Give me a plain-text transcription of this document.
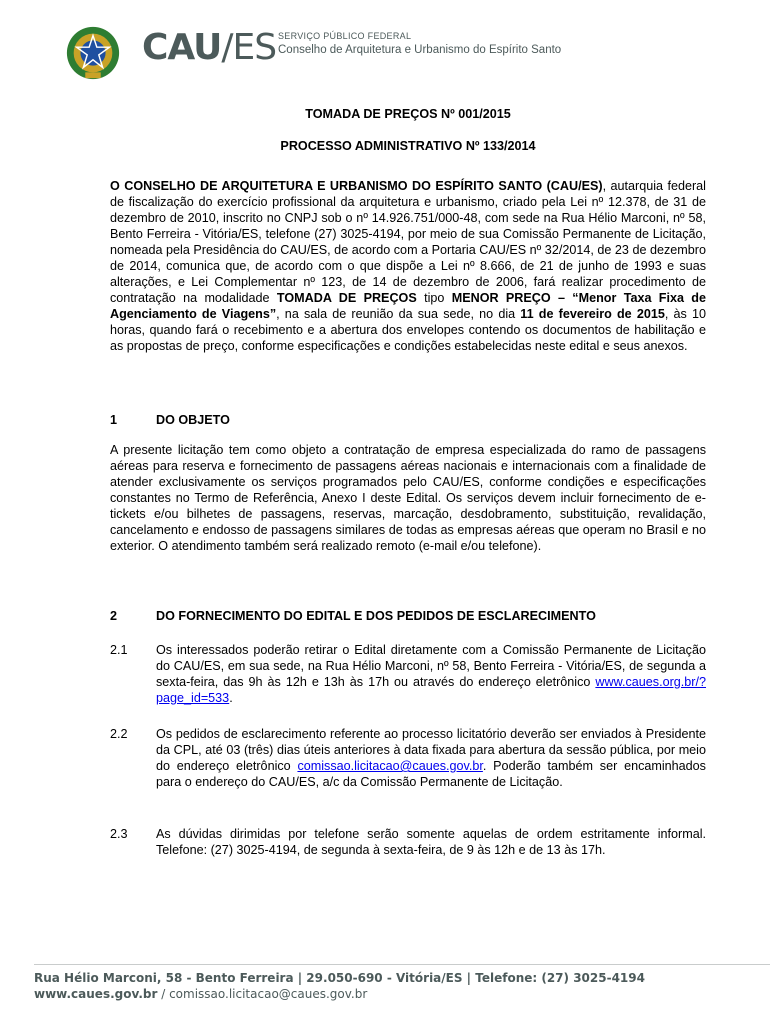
CAU/ES SERVIÇO PÚBLICO FEDERAL
Conselho de Arquitetura e Urbanismo do Espírito Santo
TOMADA DE PREÇOS Nº 001/2015
PROCESSO ADMINISTRATIVO Nº 133/2014

O CONSELHO DE ARQUITETURA E URBANISMO DO ESPÍRITO SANTO (CAU/ES), autarquia federal de fiscalização do exercício profissional da arquitetura e urbanismo, criado pela Lei nº 12.378, de 31 de dezembro de 2010, inscrito no CNPJ sob o nº 14.926.751/000-48, com sede na Rua Hélio Marconi, nº 58, Bento Ferreira - Vitória/ES, telefone (27) 3025-4194, por meio de sua Comissão Permanente de Licitação, nomeada pela Presidência do CAU/ES, de acordo com a Portaria CAU/ES nº 32/2014, de 23 de dezembro de 2014, comunica que, de acordo com o que dispõe a Lei nº 8.666, de 21 de junho de 1993 e suas alterações, e Lei Complementar nº 123, de 14 de dezembro de 2006, fará realizar procedimento de contratação na modalidade TOMADA DE PREÇOS tipo MENOR PREÇO – “Menor Taxa Fixa de Agenciamento de Viagens”, na sala de reunião da sua sede, no dia 11 de fevereiro de 2015, às 10 horas, quando fará o recebimento e a abertura dos envelopes contendo os documentos de habilitação e as propostas de preço, conforme especificações e condições estabelecidas neste edital e seus anexos.

1	DO OBJETO

A presente licitação tem como objeto a contratação de empresa especializada do ramo de passagens aéreas para reserva e fornecimento de passagens aéreas nacionais e internacionais com a finalidade de atender exclusivamente os serviços programados pelo CAU/ES, conforme condições e especificações constantes no Termo de Referência, Anexo I deste Edital. Os serviços devem incluir fornecimento de e-tickets e/ou bilhetes de passagens, reservas, marcação, desdobramento, substituição, revalidação, cancelamento e endosso de passagens similares de todas as empresas aéreas que operam no Brasil e no exterior. O atendimento também será realizado remoto (e-mail e/ou telefone).

2	DO FORNECIMENTO DO EDITAL E DOS PEDIDOS DE ESCLARECIMENTO
2.1 Os interessados poderão retirar o Edital diretamente com a Comissão Permanente de Licitação do CAU/ES, em sua sede, na Rua Hélio Marconi, nº 58, Bento Ferreira - Vitória/ES, de segunda a sexta-feira, das 9h às 12h e 13h às 17h ou através do endereço eletrônico www.caues.org.br/?page_id=533.

2.2 Os pedidos de esclarecimento referente ao processo licitatório deverão ser enviados à Presidente da CPL, até 03 (três) dias úteis anteriores à data fixada para abertura da sessão pública, por meio do endereço eletrônico comissao.licitacao@caues.gov.br. Poderão também ser encaminhados para o endereço do CAU/ES, a/c da Comissão Permanente de Licitação.

2.3 As dúvidas dirimidas por telefone serão somente aquelas de ordem estritamente informal. Telefone: (27) 3025-4194, de segunda à sexta-feira, de 9 às 12h e de 13 às 17h.

Rua Hélio Marconi, 58 - Bento Ferreira | 29.050-690 - Vitória/ES | Telefone: (27) 3025-4194
www.caues.gov.br / comissao.licitacao@caues.gov.br
